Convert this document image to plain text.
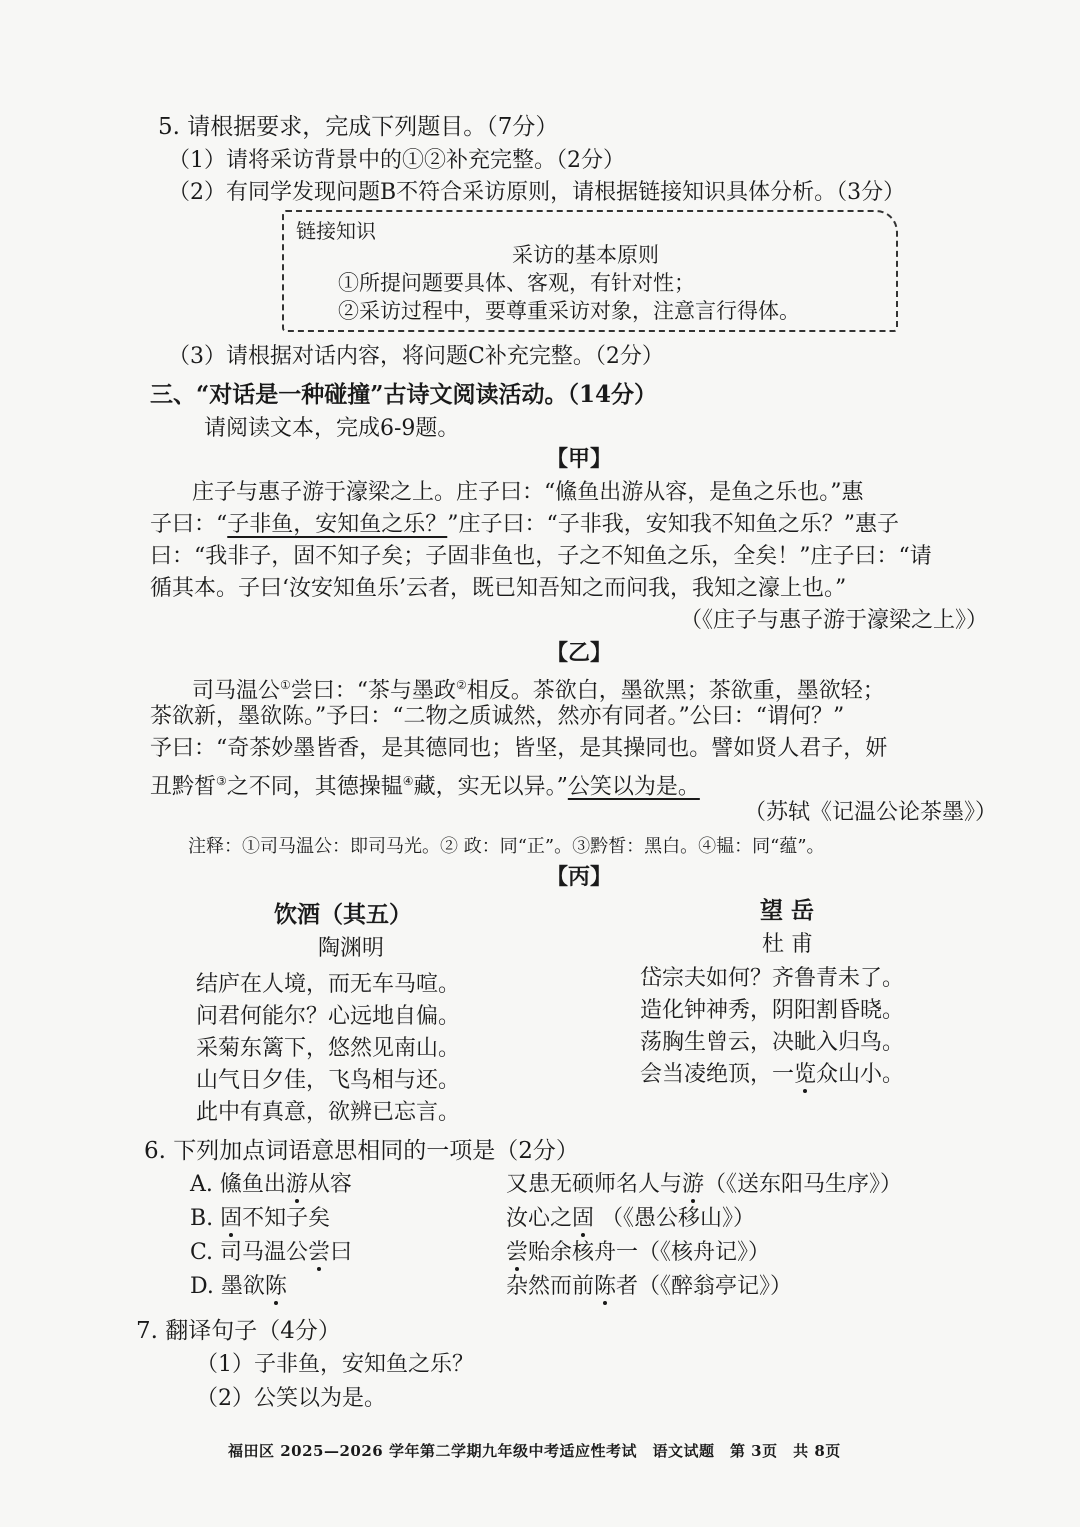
5. 请根据要求，完成下列题目。（7分）
（1）请将采访背景中的①②补充完整。（2分）
（2）有同学发现问题B不符合采访原则，请根据链接知识具体分析。（3分）
链接知识
采访的基本原则
①所提问题要具体、客观，有针对性；
②采访过程中，要尊重采访对象，注意言行得体。
（3）请根据对话内容，将问题C补充完整。（2分）
三、“对话是一种碰撞”古诗文阅读活动。（14分）
请阅读文本，完成6-9题。
【甲】
庄子与惠子游于濠梁之上。庄子曰：“鯈鱼出游从容，是鱼之乐也。”惠
子曰：“子非鱼，安知鱼之乐？”庄子曰：“子非我，安知我不知鱼之乐？”惠子
曰：“我非子，固不知子矣；子固非鱼也，子之不知鱼之乐，全矣！”庄子曰：“请
循其本。子曰‘汝安知鱼乐’云者，既已知吾知之而问我，我知之濠上也。”
（《庄子与惠子游于濠梁之上》）
【乙】
司马温公①尝曰：“茶与墨政②相反。茶欲白，墨欲黑；茶欲重，墨欲轻；
茶欲新，墨欲陈。”予曰：“二物之质诚然，然亦有同者。”公曰：“谓何？”
予曰：“奇茶妙墨皆香，是其德同也；皆坚，是其操同也。譬如贤人君子，妍
丑黔皙③之不同，其德操韫④藏，实无以异。”公笑以为是。
（苏轼《记温公论茶墨》）
注释：①司马温公：即司马光。② 政：同“正”。③黔皙：黑白。④韫：同“蕴”。
【丙】
饮酒（其五）
陶渊明
结庐在人境，而无车马喧。
问君何能尔？心远地自偏。
采菊东篱下，悠然见南山。
山气日夕佳，飞鸟相与还。
此中有真意，欲辨已忘言。
望 岳
杜 甫
岱宗夫如何？齐鲁青未了。
造化钟神秀，阴阳割昏晓。
荡胸生曾云，决眦入归鸟。
会当凌绝顶，一览众山小。
6. 下列加点词语意思相同的一项是（2分）
A. 鯈鱼出游从容	又患无硕师名人与游（《送东阳马生序》）
B. 固不知子矣	汝心之固 （《愚公移山》）
C. 司马温公尝曰	尝贻余核舟一（《核舟记》）
D. 墨欲陈	杂然而前陈者（《醉翁亭记》）
7. 翻译句子（4分）
（1）子非鱼，安知鱼之乐？
（2）公笑以为是。
福田区 2025—2026 学年第二学期九年级中考适应性考试　语文试题　第 3页　共 8页
